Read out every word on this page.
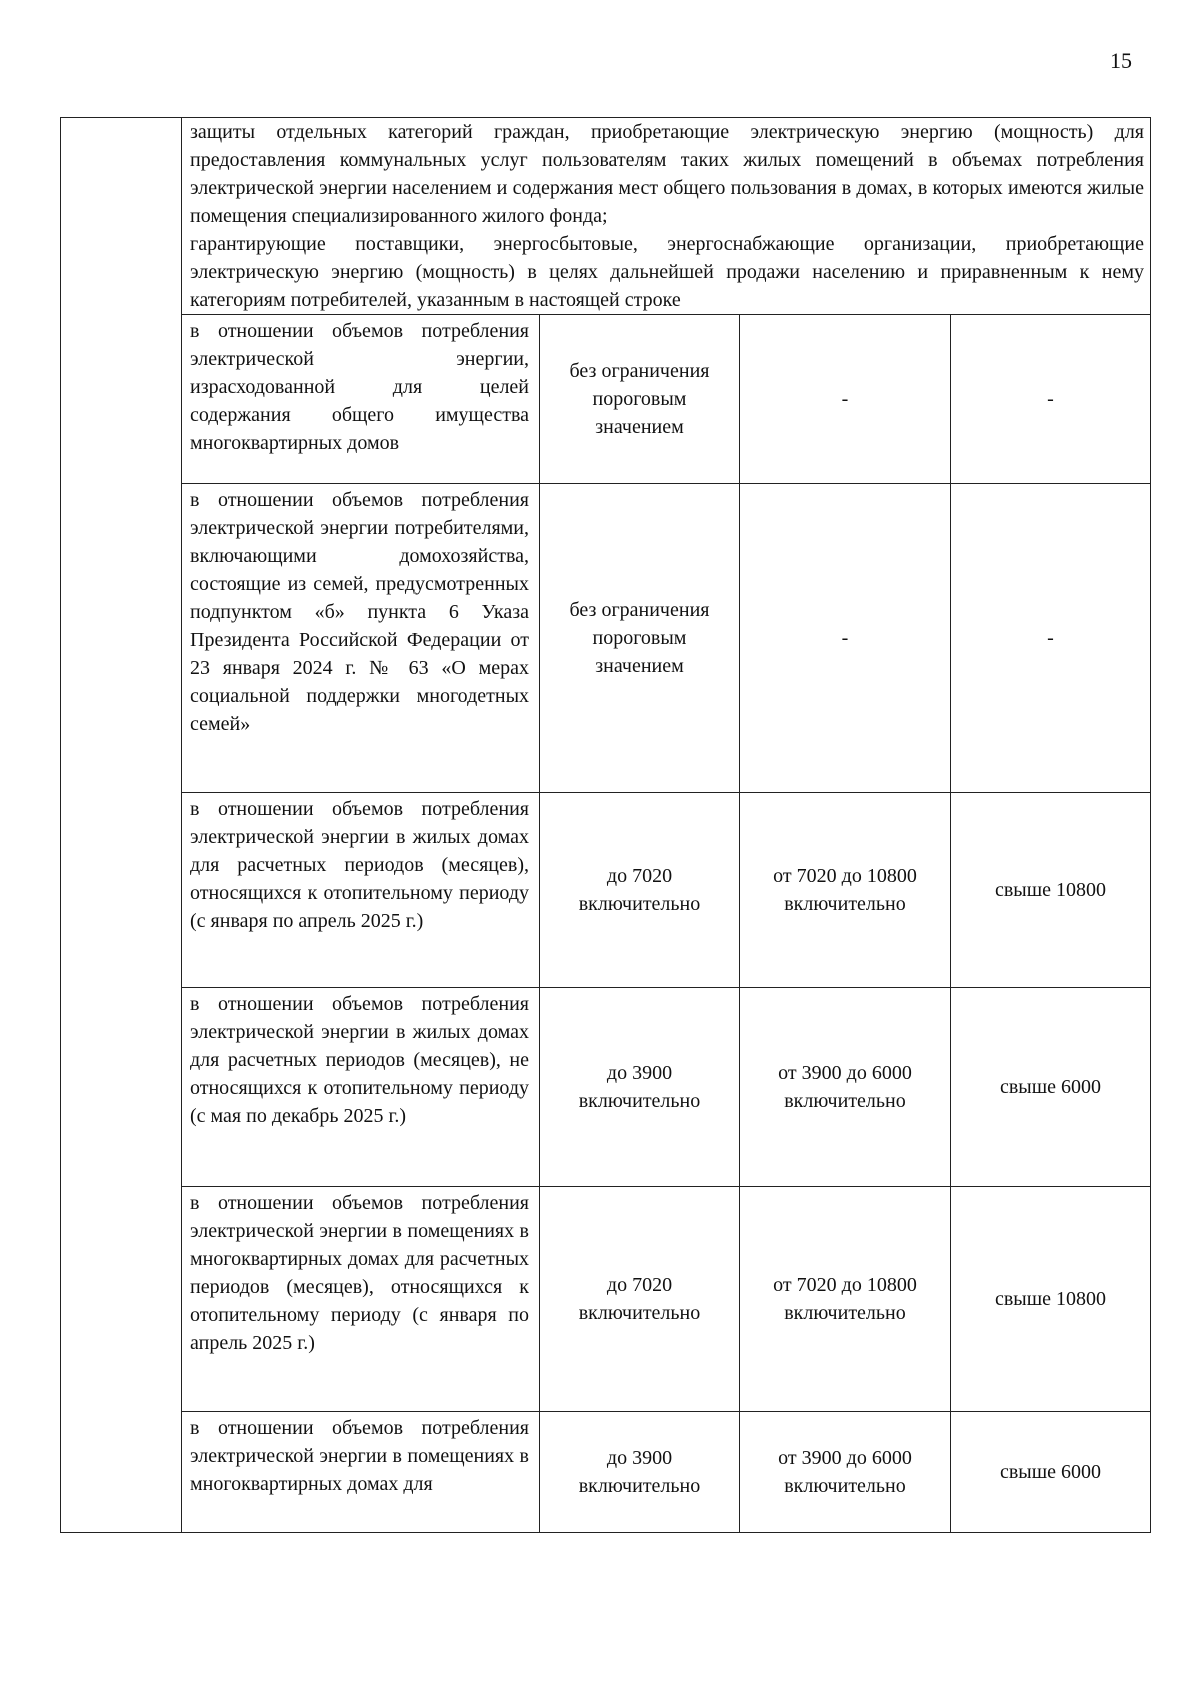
15

	защиты отдельных категорий граждан, приобретающие электрическую энергию (мощность) для предоставления коммунальных услуг пользователям таких жилых помещений в объемах потребления электрической энергии населением и содержания мест общего пользования в домах, в которых имеются жилые помещения специализированного жилого фонда;

гарантирующие поставщики, энергосбытовые, энергоснабжающие организации, приобретающие электрическую энергию (мощность) в целях дальнейшей продажи населению и приравненным к нему категориям потребителей, указанным в настоящей строке			

	в отношении объемов потребления электрической энергии, израсходованной для целей содержания общего имущества многоквартирных домов	без ограничения пороговым значением	-	-
	в отношении объемов потребления электрической энергии потребителями, включающими домохозяйства, состоящие из семей, предусмотренных подпунктом «б» пункта 6 Указа Президента Российской Федерации от 23 января 2024 г. № 63 «О мерах социальной поддержки многодетных семей»	без ограничения пороговым значением	-	-
	в отношении объемов потребления электрической энергии в жилых домах для расчетных периодов (месяцев), относящихся к отопительному периоду (с января по апрель 2025 г.)	до 7020 включительно	от 7020 до 10800 включительно	свыше 10800
	в отношении объемов потребления электрической энергии в жилых домах для расчетных периодов (месяцев), не относящихся к отопительному периоду (с мая по декабрь 2025 г.)	до 3900 включительно	от 3900 до 6000 включительно	свыше 6000
	в отношении объемов потребления электрической энергии в помещениях в многоквартирных домах для расчетных периодов (месяцев), относящихся к отопительному периоду (с января по апрель 2025 г.)	до 7020 включительно	от 7020 до 10800 включительно	свыше 10800
	в отношении объемов потребления электрической энергии в помещениях в многоквартирных домах для	до 3900 включительно	от 3900 до 6000 включительно	свыше 6000
